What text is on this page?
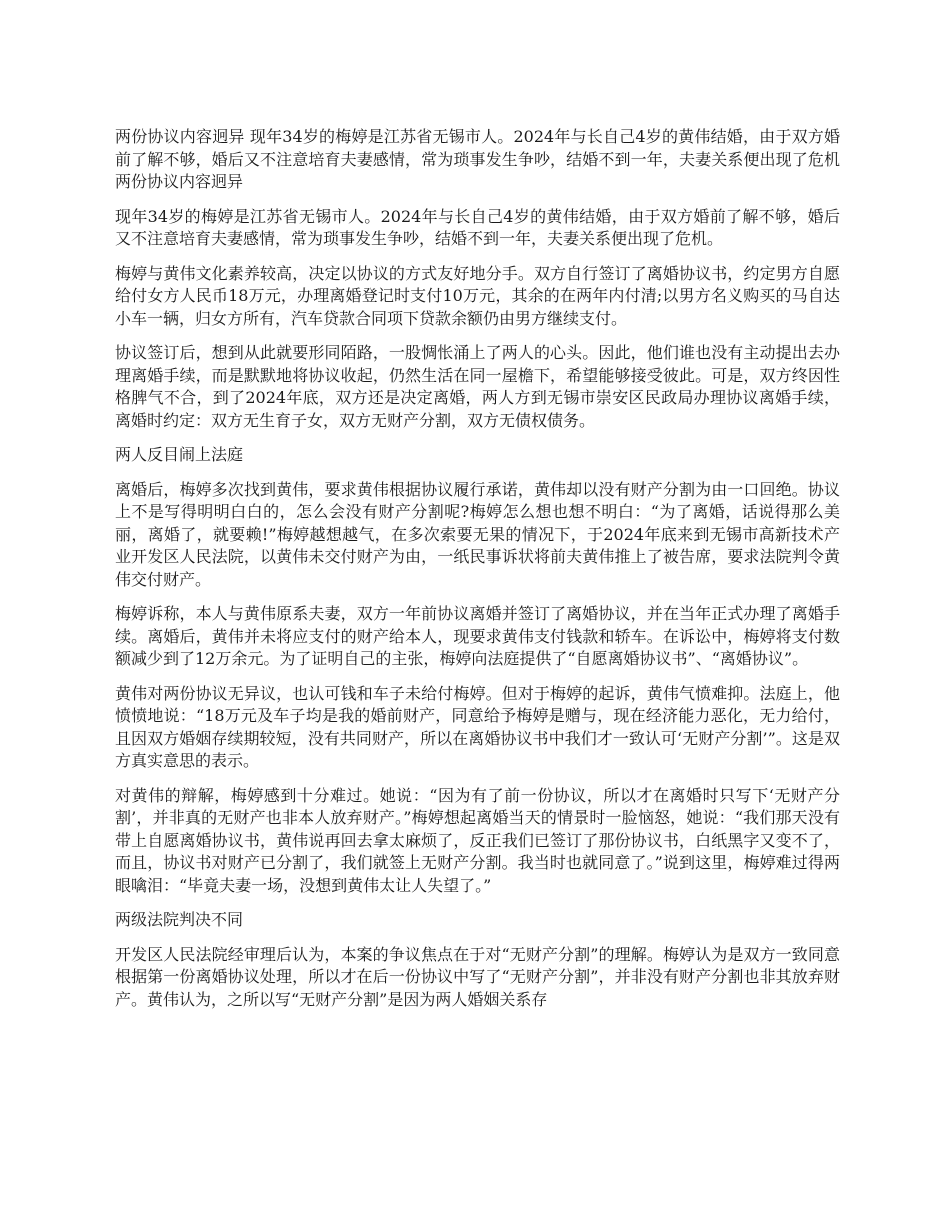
两份协议内容迥异 现年34岁的梅婷是江苏省无锡市人。2024年与长自己4岁的黄伟结婚，由于双方婚前了解不够，婚后又不注意培育夫妻感情，常为琐事发生争吵，结婚不到一年，夫妻关系便出现了危机 两份协议内容迥异

现年34岁的梅婷是江苏省无锡市人。2024年与长自己4岁的黄伟结婚，由于双方婚前了解不够，婚后又不注意培育夫妻感情，常为琐事发生争吵，结婚不到一年，夫妻关系便出现了危机。

梅婷与黄伟文化素养较高，决定以协议的方式友好地分手。双方自行签订了离婚协议书，约定男方自愿给付女方人民币18万元，办理离婚登记时支付10万元，其余的在两年内付清;以男方名义购买的马自达小车一辆，归女方所有，汽车贷款合同项下贷款余额仍由男方继续支付。

协议签订后，想到从此就要形同陌路，一股惆怅涌上了两人的心头。因此，他们谁也没有主动提出去办理离婚手续，而是默默地将协议收起，仍然生活在同一屋檐下，希望能够接受彼此。可是，双方终因性格脾气不合，到了2024年底，双方还是决定离婚，两人方到无锡市崇安区民政局办理协议离婚手续，离婚时约定：双方无生育子女，双方无财产分割，双方无债权债务。

两人反目闹上法庭

离婚后，梅婷多次找到黄伟，要求黄伟根据协议履行承诺，黄伟却以没有财产分割为由一口回绝。协议上不是写得明明白白的，怎么会没有财产分割呢?梅婷怎么想也想不明白：“为了离婚，话说得那么美丽，离婚了，就要赖!”梅婷越想越气，在多次索要无果的情况下，于2024年底来到无锡市高新技术产业开发区人民法院，以黄伟未交付财产为由，一纸民事诉状将前夫黄伟推上了被告席，要求法院判令黄伟交付财产。

梅婷诉称，本人与黄伟原系夫妻，双方一年前协议离婚并签订了离婚协议，并在当年正式办理了离婚手续。离婚后，黄伟并未将应支付的财产给本人，现要求黄伟支付钱款和轿车。在诉讼中，梅婷将支付数额减少到了12万余元。为了证明自己的主张，梅婷向法庭提供了“自愿离婚协议书”、“离婚协议”。

黄伟对两份协议无异议，也认可钱和车子未给付梅婷。但对于梅婷的起诉，黄伟气愤难抑。法庭上，他愤愤地说：“18万元及车子均是我的婚前财产，同意给予梅婷是赠与，现在经济能力恶化，无力给付，且因双方婚姻存续期较短，没有共同财产，所以在离婚协议书中我们才一致认可‘无财产分割’”。这是双方真实意思的表示。

对黄伟的辩解，梅婷感到十分难过。她说：“因为有了前一份协议，所以才在离婚时只写下‘无财产分割’，并非真的无财产也非本人放弃财产。”梅婷想起离婚当天的情景时一脸恼怒，她说：“我们那天没有带上自愿离婚协议书，黄伟说再回去拿太麻烦了，反正我们已签订了那份协议书，白纸黑字又变不了，而且，协议书对财产已分割了，我们就签上无财产分割。我当时也就同意了。”说到这里，梅婷难过得两眼噙泪：“毕竟夫妻一场，没想到黄伟太让人失望了。”

两级法院判决不同

开发区人民法院经审理后认为，本案的争议焦点在于对“无财产分割”的理解。梅婷认为是双方一致同意根据第一份离婚协议处理，所以才在后一份协议中写了“无财产分割”，并非没有财产分割也非其放弃财产。黄伟认为，之所以写“无财产分割”是因为两人婚姻关系存
